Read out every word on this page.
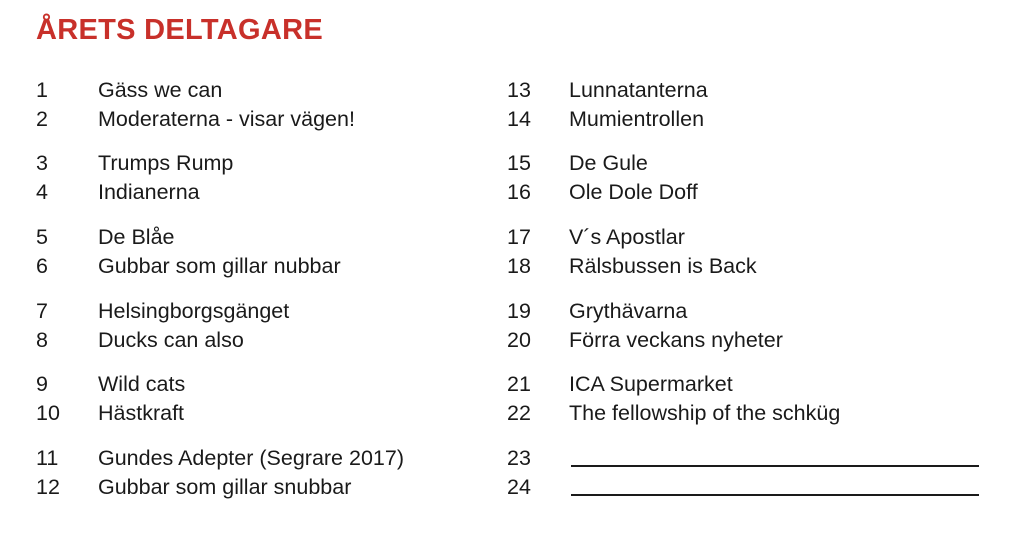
ÅRETS DELTAGARE
1 Gäss we can
2 Moderaterna - visar vägen!
3 Trumps Rump
4 Indianerna
5 De Blåe
6 Gubbar som gillar nubbar
7 Helsingborgsgänget
8 Ducks can also
9 Wild cats
10 Hästkraft
11 Gundes Adepter (Segrare 2017)
12 Gubbar som gillar snubbar
13 Lunnatanterna
14 Mumientrollen
15 De Gule
16 Ole Dole Doff
17 V´s Apostlar
18 Rälsbussen is Back
19 Grythävarna
20 Förra veckans nyheter
21 ICA Supermarket
22 The fellowship of the schküg
23
24
